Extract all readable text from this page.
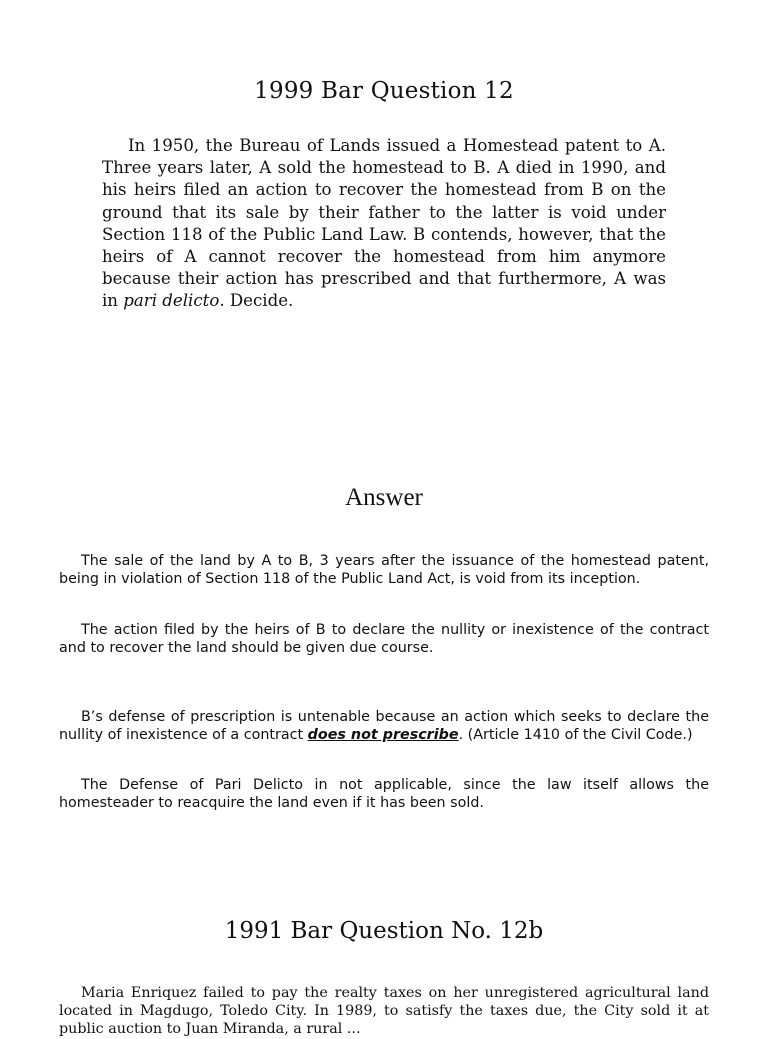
1999 Bar Question 12

In 1950, the Bureau of Lands issued a Homestead patent to A. Three years later, A sold the homestead to B. A died in 1990, and his heirs filed an action to recover the homestead from B on the ground that its sale by their father to the latter is void under Section 118 of the Public Land Law. B contends, however, that the heirs of A cannot recover the homestead from him anymore because their action has prescribed and that furthermore, A was in pari delicto. Decide.

Answer

The sale of the land by A to B, 3 years after the issuance of the homestead patent, being in violation of Section 118 of the Public Land Act, is void from its inception.

The action filed by the heirs of B to declare the nullity or inexistence of the contract and to recover the land should be given due course.

B’s defense of prescription is untenable because an action which seeks to declare the nullity of inexistence of a contract does not prescribe. (Article 1410 of the Civil Code.)

The Defense of Pari Delicto in not applicable, since the law itself allows the homesteader to reacquire the land even if it has been sold.

1991 Bar Question No. 12b

Maria Enriquez failed to pay the realty taxes on her unregistered agricultural land located in Magdugo, Toledo City. In 1989, to satisfy the taxes due, the City sold it at public auction to Juan Miranda, a rural ...
